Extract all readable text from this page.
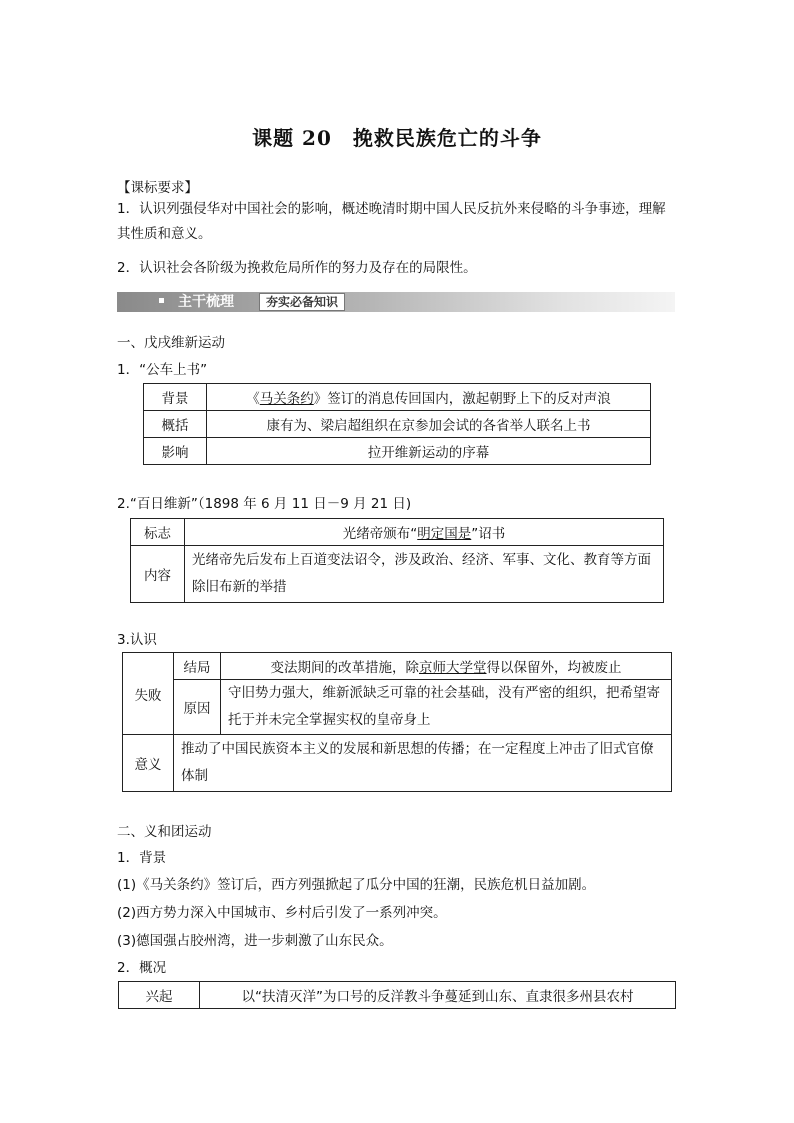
课题 20　挽救民族危亡的斗争
【课标要求】
1．认识列强侵华对中国社会的影响，概述晚清时期中国人民反抗外来侵略的斗争事迹，理解其性质和意义。
2．认识社会各阶级为挽救危局所作的努力及存在的局限性。
主干梳理	夯实必备知识
一、戊戌维新运动
1．“公车上书”
背景	《马关条约》签订的消息传回国内，激起朝野上下的反对声浪
概括	康有为、梁启超组织在京参加会试的各省举人联名上书
影响	拉开维新运动的序幕
2.“百日维新”（1898 年 6 月 11 日－9 月 21 日)
标志	光绪帝颁布“明定国是”诏书
内容	光绪帝先后发布上百道变法诏令，涉及政治、经济、军事、文化、教育等方面除旧布新的举措
3.认识
失败	结局	变法期间的改革措施，除京师大学堂得以保留外，均被废止
	原因	守旧势力强大，维新派缺乏可靠的社会基础，没有严密的组织，把希望寄托于并未完全掌握实权的皇帝身上
意义	推动了中国民族资本主义的发展和新思想的传播；在一定程度上冲击了旧式官僚体制	
二、义和团运动
1．背景
(1)《马关条约》签订后，西方列强掀起了瓜分中国的狂潮，民族危机日益加剧。
(2)西方势力深入中国城市、乡村后引发了一系列冲突。
(3)德国强占胶州湾，进一步刺激了山东民众。
2．概况
兴起	以“扶清灭洋”为口号的反洋教斗争蔓延到山东、直隶很多州县农村
